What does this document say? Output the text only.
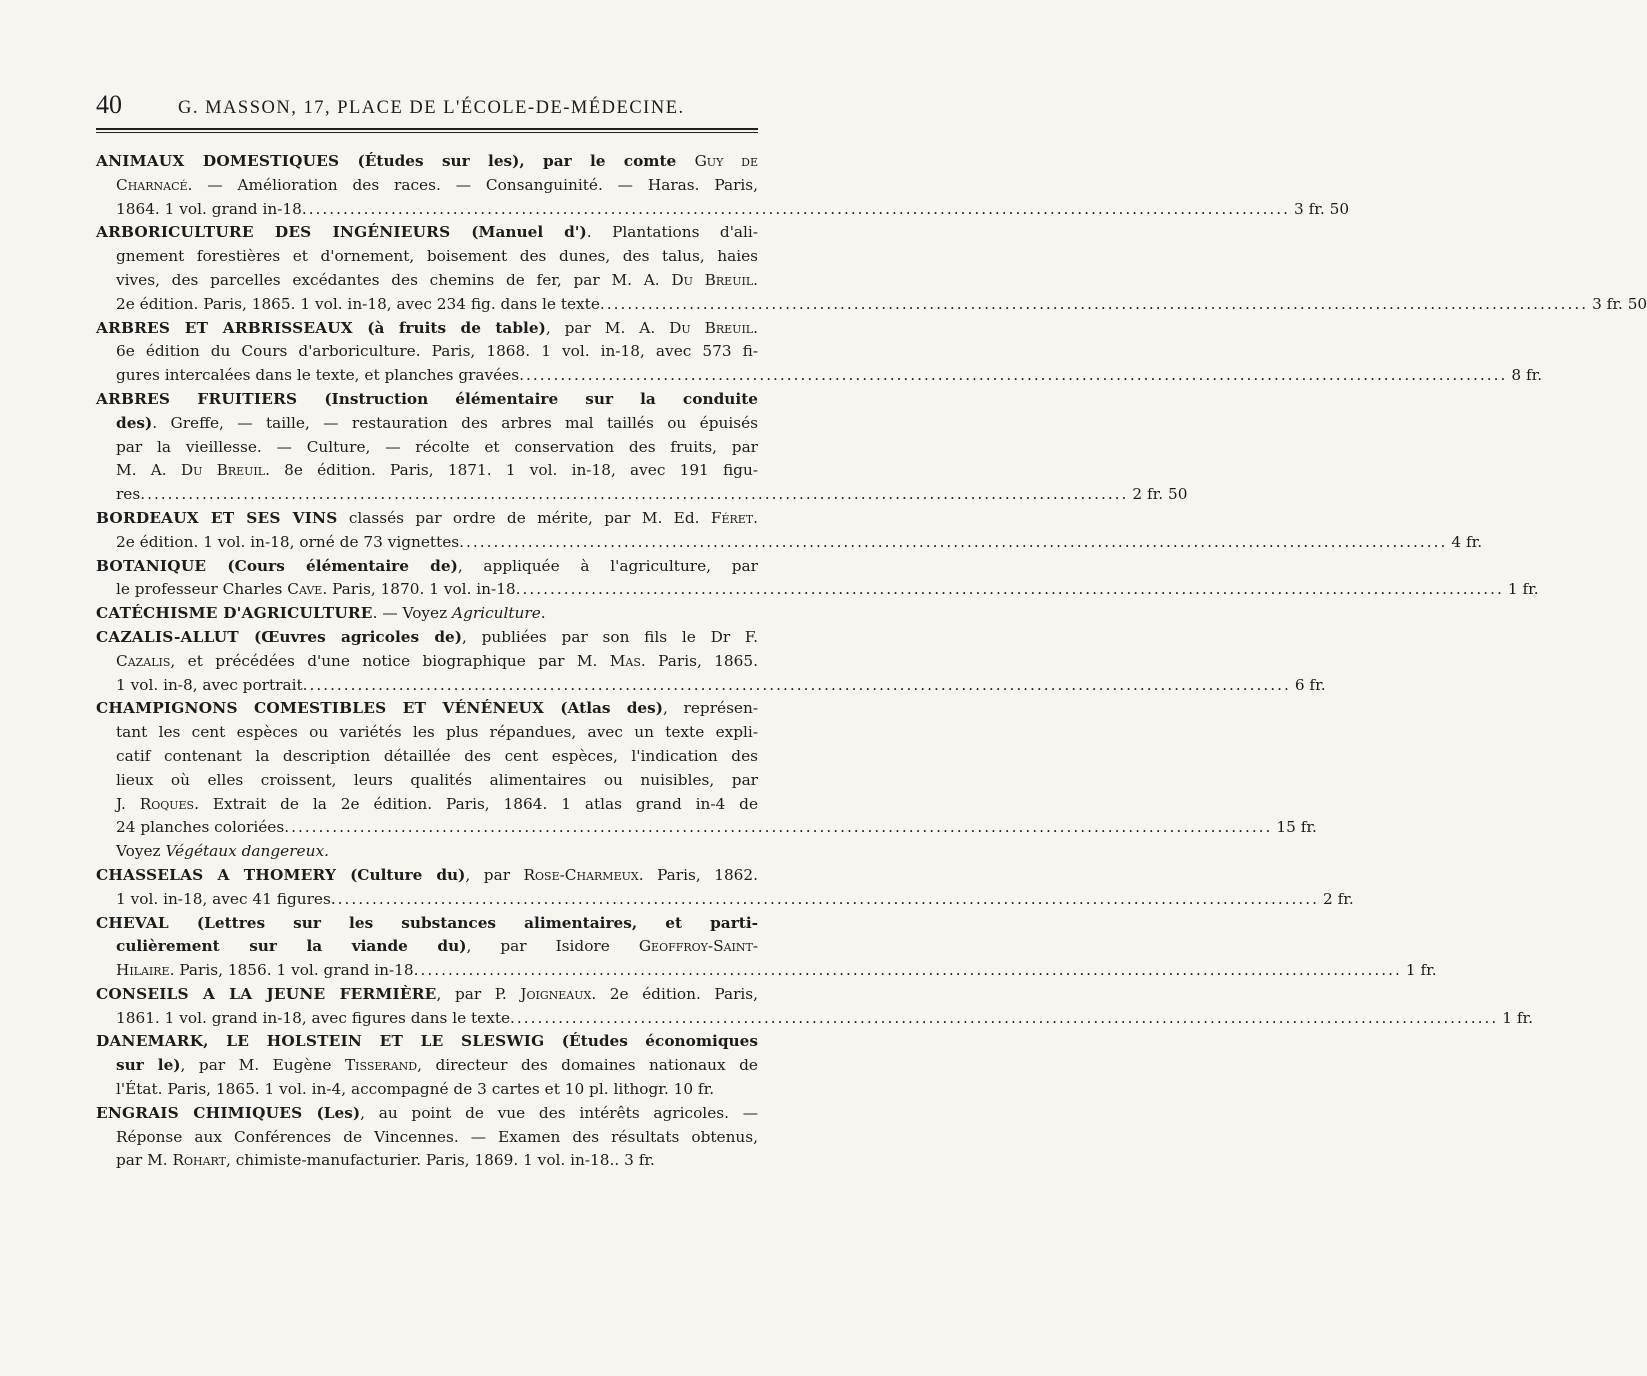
40	G. MASSON, 17, PLACE DE L'ÉCOLE-DE-MÉDECINE.
ANIMAUX DOMESTIQUES (Études sur les), par le comte Guy de
Charnacé. — Amélioration des races. — Consanguinité. — Haras. Paris,
1864. 1 vol. grand in-18 .....	3 fr. 50
ARBORICULTURE DES INGÉNIEURS (Manuel d'). Plantations d'ali-
gnement forestières et d'ornement, boisement des dunes, des talus, haies
vives, des parcelles excédantes des chemins de fer, par M. A. Du Breuil.
2e édition. Paris, 1865. 1 vol. in-18, avec 234 fig. dans le texte .....	3 fr. 50
ARBRES ET ARBRISSEAUX (à fruits de table), par M. A. Du Breuil.
6e édition du Cours d'arboriculture. Paris, 1868. 1 vol. in-18, avec 573 fi-
gures intercalées dans le texte, et planches gravées .....	8 fr.
ARBRES FRUITIERS (Instruction élémentaire sur la conduite
des). Greffe, — taille, — restauration des arbres mal taillés ou épuisés
par la vieillesse. — Culture, — récolte et conservation des fruits, par
M. A. Du Breuil. 8e édition. Paris, 1871. 1 vol. in-18, avec 191 figu-
res .....	2 fr. 50
BORDEAUX ET SES VINS classés par ordre de mérite, par M. Ed. Féret.
2e édition. 1 vol. in-18, orné de 73 vignettes .....	4 fr.
BOTANIQUE (Cours élémentaire de), appliquée à l'agriculture, par
le professeur Charles Cave. Paris, 1870. 1 vol. in-18 .....	1 fr.
CATÉCHISME D'AGRICULTURE. — Voyez Agriculture.
CAZALIS-ALLUT (Œuvres agricoles de), publiées par son fils le Dr F.
Cazalis, et précédées d'une notice biographique par M. Mas. Paris, 1865.
1 vol. in-8, avec portrait .....	6 fr.
CHAMPIGNONS COMESTIBLES ET VÉNÉNEUX (Atlas des), représen-
tant les cent espèces ou variétés les plus répandues, avec un texte expli-
catif contenant la description détaillée des cent espèces, l'indication des
lieux où elles croissent, leurs qualités alimentaires ou nuisibles, par
J. Roques. Extrait de la 2e édition. Paris, 1864. 1 atlas grand in-4 de
24 planches coloriées .....	15 fr.
Voyez Végétaux dangereux.
CHASSELAS A THOMERY (Culture du), par Rose-Charmeux. Paris, 1862.
1 vol. in-18, avec 41 figures .....	2 fr.
CHEVAL (Lettres sur les substances alimentaires, et parti-
culièrement sur la viande du), par Isidore Geoffroy-Saint-
Hilaire. Paris, 1856. 1 vol. grand in-18 .....	1 fr.
CONSEILS A LA JEUNE FERMIÈRE, par P. Joigneaux. 2e édition. Paris,
1861. 1 vol. grand in-18, avec figures dans le texte .....	1 fr.
DANEMARK, LE HOLSTEIN ET LE SLESWIG (Études économiques
sur le), par M. Eugène Tisserand, directeur des domaines nationaux de
l'État. Paris, 1865. 1 vol. in-4, accompagné de 3 cartes et 10 pl. lithogr. 10 fr.
ENGRAIS CHIMIQUES (Les), au point de vue des intérêts agricoles. —
Réponse aux Conférences de Vincennes. — Examen des résultats obtenus,
par M. Rohart, chimiste-manufacturier. Paris, 1869. 1 vol. in-18.. 3 fr.
